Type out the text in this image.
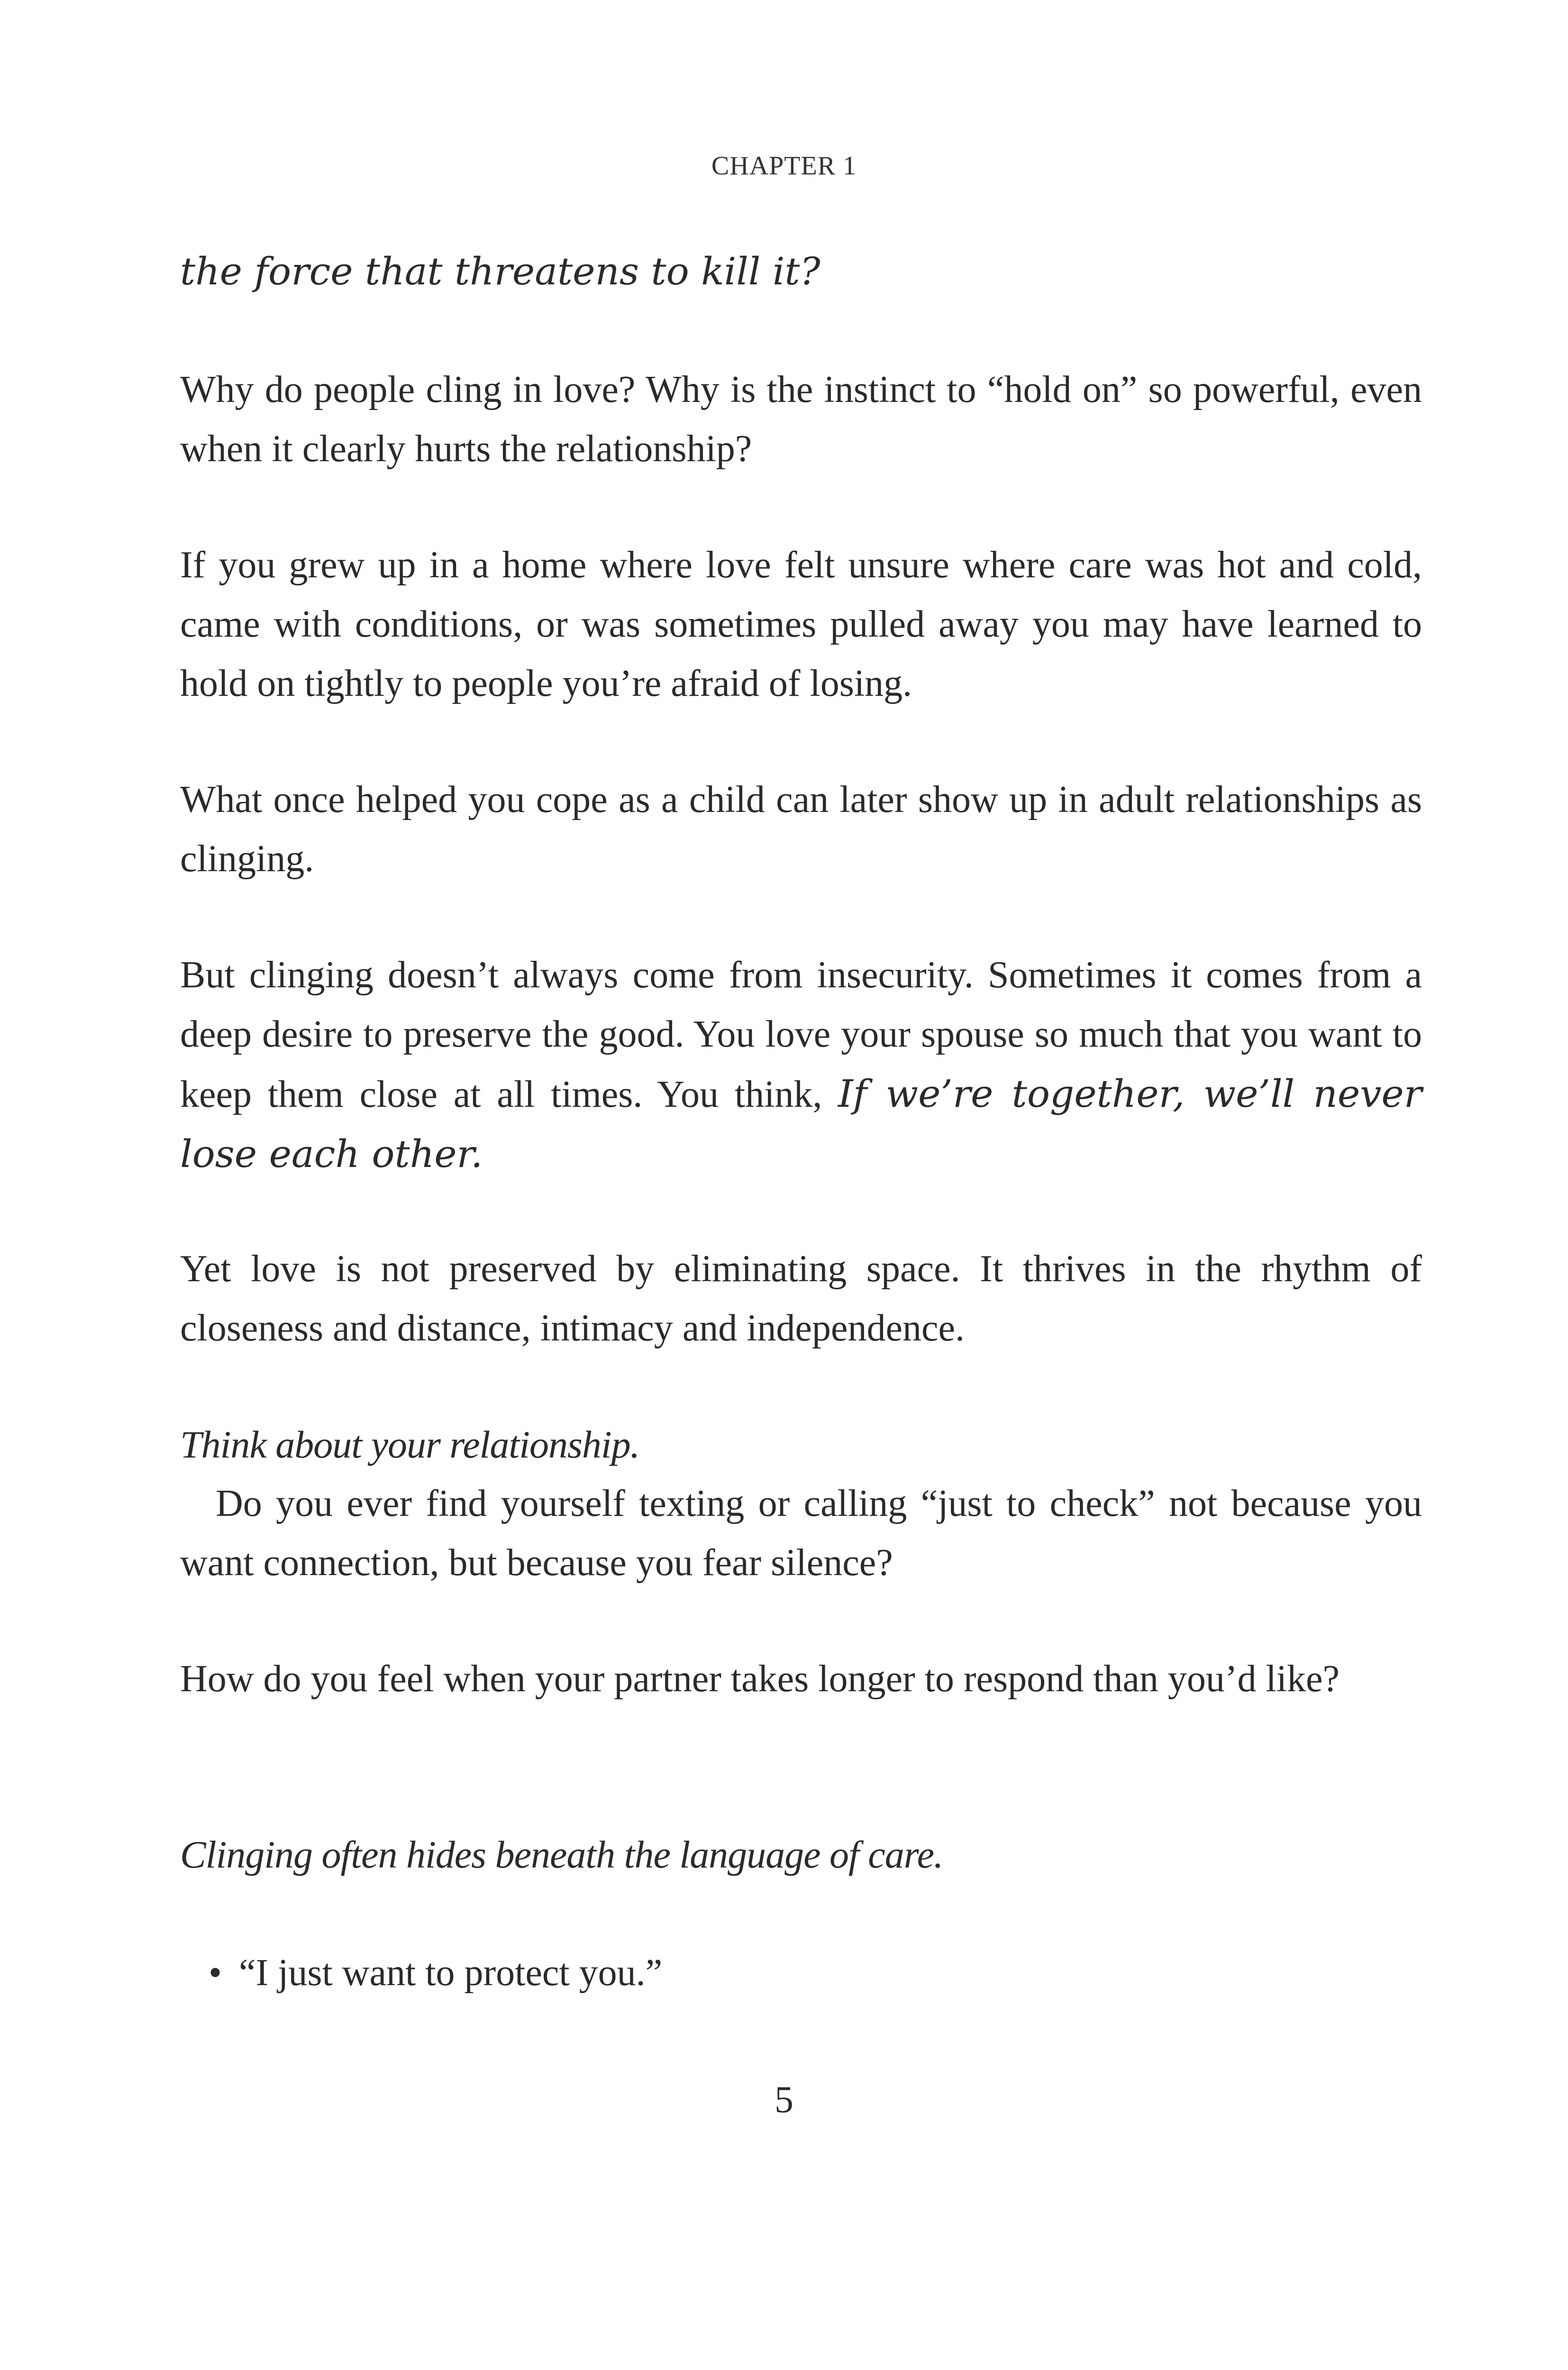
CHAPTER 1
the force that threatens to kill it?
Why do people cling in love? Why is the instinct to “hold on” so powerful, even when it clearly hurts the relationship?
If you grew up in a home where love felt unsure where care was hot and cold, came with conditions, or was sometimes pulled away you may have learned to hold on tightly to people you’re afraid of losing.
What once helped you cope as a child can later show up in adult relationships as clinging.
But clinging doesn’t always come from insecurity. Sometimes it comes from a deep desire to preserve the good. You love your spouse so much that you want to keep them close at all times. You think, If we’re together, we’ll never lose each other.
Yet love is not preserved by eliminating space. It thrives in the rhythm of closeness and distance, intimacy and independence.
Think about your relationship.
Do you ever find yourself texting or calling “just to check” not because you want connection, but because you fear silence?
How do you feel when your partner takes longer to respond than you’d like?
Clinging often hides beneath the language of care.
• “I just want to protect you.”
5
